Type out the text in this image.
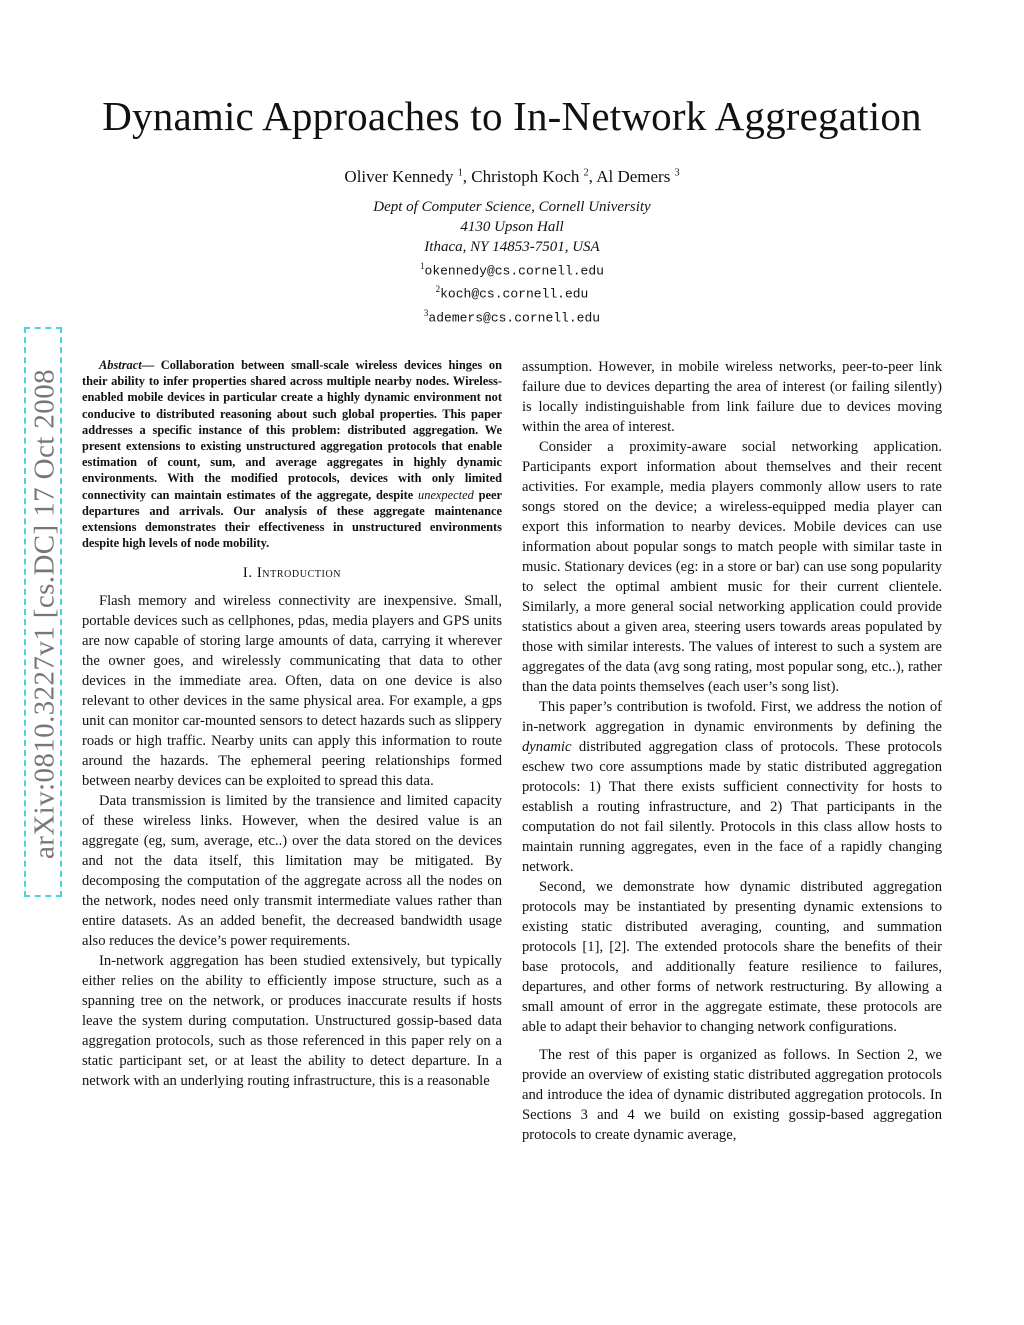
Dynamic Approaches to In-Network Aggregation
Oliver Kennedy $^1$, Christoph Koch $^2$, Al Demers $^3$
Dept of Computer Science, Cornell University
4130 Upson Hall
Ithaca, NY 14853-7501, USA
$^1$okennedy@cs.cornell.edu
$^2$koch@cs.cornell.edu
$^3$ademers@cs.cornell.edu
arXiv:0810.3227v1 [cs.DC] 17 Oct 2008

Abstract— Collaboration between small-scale wireless devices hinges on their ability to infer properties shared across multiple nearby nodes. Wireless-enabled mobile devices in particular create a highly dynamic environment not conducive to distributed reasoning about such global properties. This paper addresses a specific instance of this problem: distributed aggregation. We present extensions to existing unstructured aggregation protocols that enable estimation of count, sum, and average aggregates in highly dynamic environments. With the modified protocols, devices with only limited connectivity can maintain estimates of the aggregate, despite unexpected peer departures and arrivals. Our analysis of these aggregate maintenance extensions demonstrates their effectiveness in unstructured environments despite high levels of node mobility.

I. Introduction

Flash memory and wireless connectivity are inexpensive. Small, portable devices such as cellphones, pdas, media players and GPS units are now capable of storing large amounts of data, carrying it wherever the owner goes, and wirelessly communicating that data to other devices in the immediate area. Often, data on one device is also relevant to other devices in the same physical area. For example, a gps unit can monitor car-mounted sensors to detect hazards such as slippery roads or high traffic. Nearby units can apply this information to route around the hazards. The ephemeral peering relationships formed between nearby devices can be exploited to spread this data.

Data transmission is limited by the transience and limited capacity of these wireless links. However, when the desired value is an aggregate (eg, sum, average, etc..) over the data stored on the devices and not the data itself, this limitation may be mitigated. By decomposing the computation of the aggregate across all the nodes on the network, nodes need only transmit intermediate values rather than entire datasets. As an added benefit, the decreased bandwidth usage also reduces the device’s power requirements.

In-network aggregation has been studied extensively, but typically either relies on the ability to efficiently impose structure, such as a spanning tree on the network, or produces inaccurate results if hosts leave the system during computation. Unstructured gossip-based data aggregation protocols, such as those referenced in this paper rely on a static participant set, or at least the ability to detect departure. In a network with an underlying routing infrastructure, this is a reasonable

assumption. However, in mobile wireless networks, peer-to-peer link failure due to devices departing the area of interest (or failing silently) is locally indistinguishable from link failure due to devices moving within the area of interest.

Consider a proximity-aware social networking application. Participants export information about themselves and their recent activities. For example, media players commonly allow users to rate songs stored on the device; a wireless-equipped media player can export this information to nearby devices. Mobile devices can use information about popular songs to match people with similar taste in music. Stationary devices (eg: in a store or bar) can use song popularity to select the optimal ambient music for their current clientele. Similarly, a more general social networking application could provide statistics about a given area, steering users towards areas populated by those with similar interests. The values of interest to such a system are aggregates of the data (avg song rating, most popular song, etc..), rather than the data points themselves (each user’s song list).

This paper’s contribution is twofold. First, we address the notion of in-network aggregation in dynamic environments by defining the dynamic distributed aggregation class of protocols. These protocols eschew two core assumptions made by static distributed aggregation protocols: 1) That there exists sufficient connectivity for hosts to establish a routing infrastructure, and 2) That participants in the computation do not fail silently. Protocols in this class allow hosts to maintain running aggregates, even in the face of a rapidly changing network.

Second, we demonstrate how dynamic distributed aggregation protocols may be instantiated by presenting dynamic extensions to existing static distributed averaging, counting, and summation protocols [1], [2]. The extended protocols share the benefits of their base protocols, and additionally feature resilience to failures, departures, and other forms of network restructuring. By allowing a small amount of error in the aggregate estimate, these protocols are able to adapt their behavior to changing network configurations.

The rest of this paper is organized as follows. In Section 2, we provide an overview of existing static distributed aggregation protocols and introduce the idea of dynamic distributed aggregation protocols. In Sections 3 and 4 we build on existing gossip-based aggregation protocols to create dynamic average,
